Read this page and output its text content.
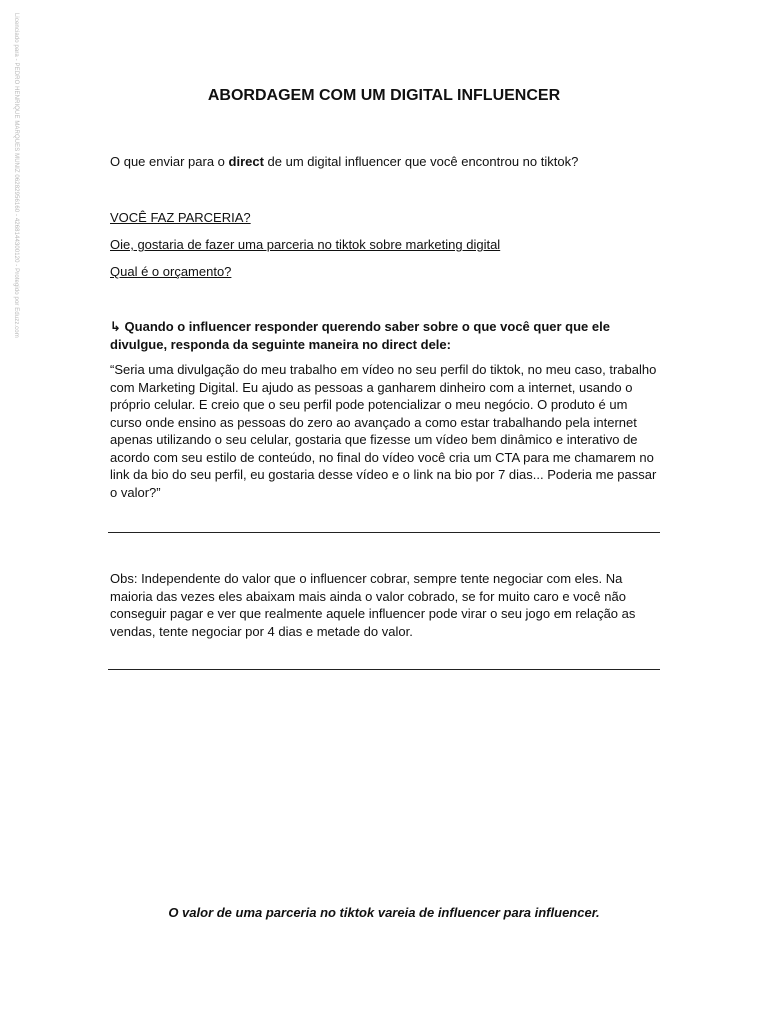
Licenciado para - PEDRO HENRIQUE MARQUES MUNIZ 06282956160 - 4268144300120 - Protegido por Eduzz.com	ABORDAGEM COM UM DIGITAL INFLUENCER
O que enviar para o direct de um digital influencer que você encontrou no tiktok?
VOCÊ FAZ PARCERIA?
Oie, gostaria de fazer uma parceria no tiktok sobre marketing digital
Qual é o orçamento?
↳ Quando o influencer responder querendo saber sobre o que você quer que ele divulgue, responda da seguinte maneira no direct dele:
“Seria uma divulgação do meu trabalho em vídeo no seu perfil do tiktok, no meu caso, trabalho com Marketing Digital. Eu ajudo as pessoas a ganharem dinheiro com a internet, usando o próprio celular. E creio que o seu perfil pode potencializar o meu negócio. O produto é um curso onde ensino as pessoas do zero ao avançado a como estar trabalhando pela internet apenas utilizando o seu celular, gostaria que fizesse um vídeo bem dinâmico e interativo de acordo com seu estilo de conteúdo, no final do vídeo você cria um CTA para me chamarem no link da bio do seu perfil, eu gostaria desse vídeo e o link na bio por 7 dias... Poderia me passar o valor?”
Obs: Independente do valor que o influencer cobrar, sempre tente negociar com eles. Na maioria das vezes eles abaixam mais ainda o valor cobrado, se for muito caro e você não conseguir pagar e ver que realmente aquele influencer pode virar o seu jogo em relação as vendas, tente negociar por 4 dias e metade do valor.
O valor de uma parceria no tiktok vareia de influencer para influencer.
